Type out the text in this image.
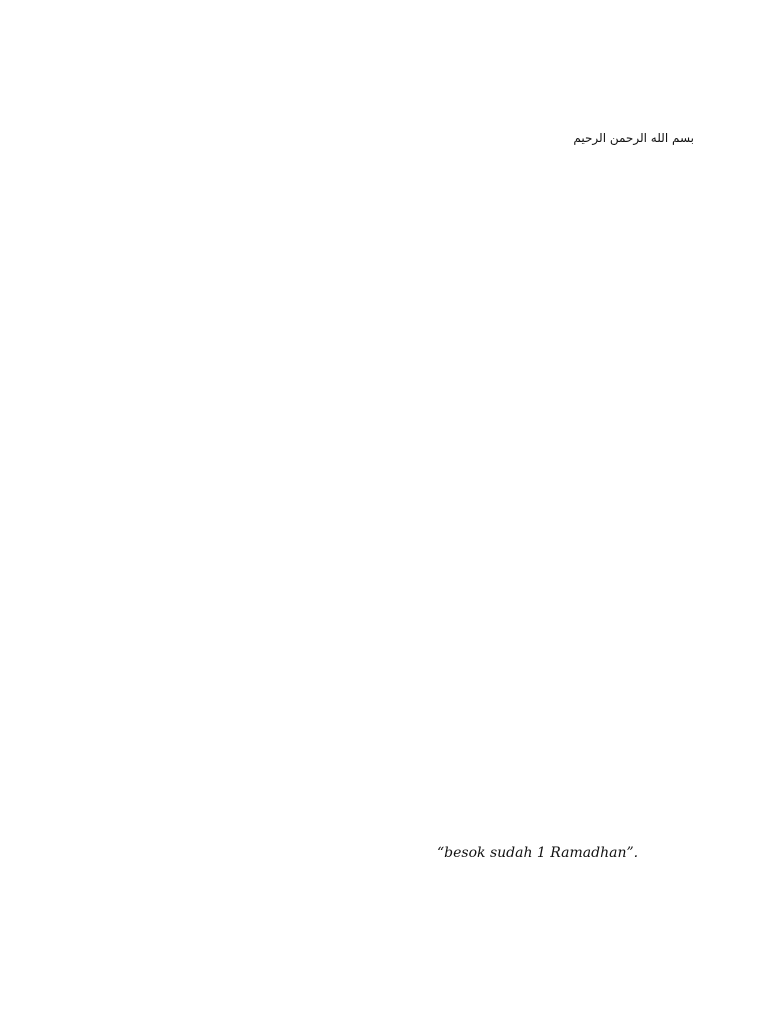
بسم الله الرحمن الرحيم
“besok sudah 1 Ramadhan”.
